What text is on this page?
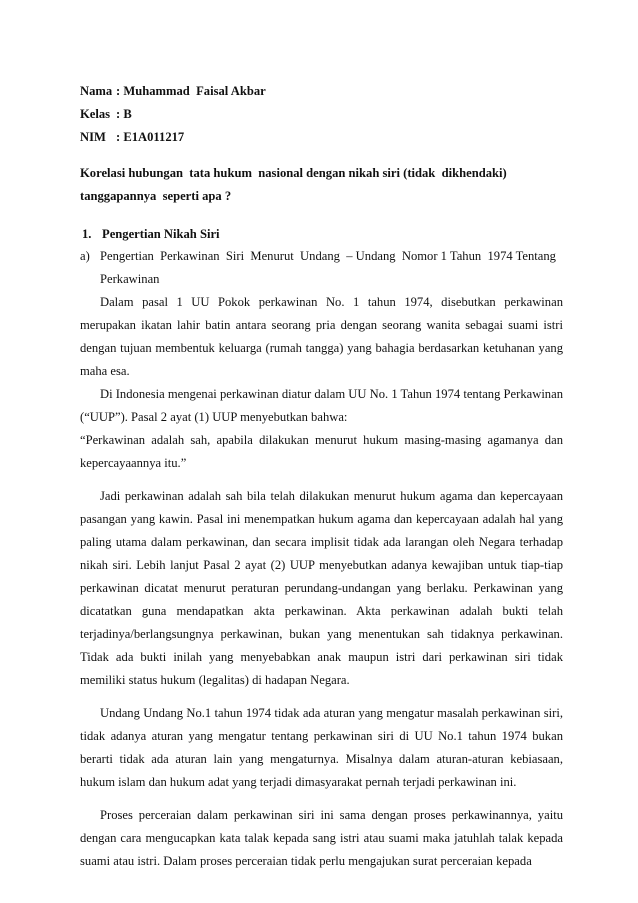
Nama : Muhammad  Faisal Akbar
Kelas : B
NIM : E1A011217
Korelasi hubungan  tata hukum  nasional dengan nikah siri (tidak  dikhendaki)
tanggapannya  seperti apa ?
1. Pengertian Nikah Siri
a) Pengertian  Perkawinan  Siri  Menurut  Undang  – Undang  Nomor 1 Tahun  1974 Tentang
Perkawinan

Dalam pasal 1 UU Pokok perkawinan No. 1 tahun 1974, disebutkan perkawinan merupakan ikatan lahir batin antara seorang pria dengan seorang wanita sebagai suami istri dengan tujuan membentuk keluarga (rumah tangga) yang bahagia berdasarkan ketuhanan yang maha esa.

Di Indonesia mengenai perkawinan diatur dalam UU No. 1 Tahun 1974 tentang Perkawinan (“UUP”). Pasal 2 ayat (1) UUP menyebutkan bahwa:

“Perkawinan adalah sah, apabila dilakukan menurut hukum masing-masing agamanya dan kepercayaannya itu.”

Jadi perkawinan adalah sah bila telah dilakukan menurut hukum agama dan kepercayaan pasangan yang kawin. Pasal ini menempatkan hukum agama dan kepercayaan adalah hal yang paling utama dalam perkawinan, dan secara implisit tidak ada larangan oleh Negara terhadap nikah siri. Lebih lanjut Pasal 2 ayat (2) UUP menyebutkan adanya kewajiban untuk tiap-tiap perkawinan dicatat menurut peraturan perundang-undangan yang berlaku. Perkawinan yang dicatatkan guna mendapatkan akta perkawinan. Akta perkawinan adalah bukti telah terjadinya/berlangsungnya perkawinan, bukan yang menentukan sah tidaknya perkawinan. Tidak ada bukti inilah yang menyebabkan anak maupun istri dari perkawinan siri tidak memiliki status hukum (legalitas) di hadapan Negara.

Undang Undang No.1 tahun 1974 tidak ada aturan yang mengatur masalah perkawinan siri, tidak adanya aturan yang mengatur tentang perkawinan siri di UU No.1 tahun 1974 bukan berarti tidak ada aturan lain yang mengaturnya. Misalnya dalam aturan-aturan kebiasaan, hukum islam dan hukum adat yang terjadi dimasyarakat pernah terjadi perkawinan ini.

Proses perceraian dalam perkawinan siri ini sama dengan proses perkawinannya, yaitu dengan cara mengucapkan kata talak kepada sang istri atau suami maka jatuhlah talak kepada suami atau istri. Dalam proses perceraian tidak perlu mengajukan surat perceraian kepada
